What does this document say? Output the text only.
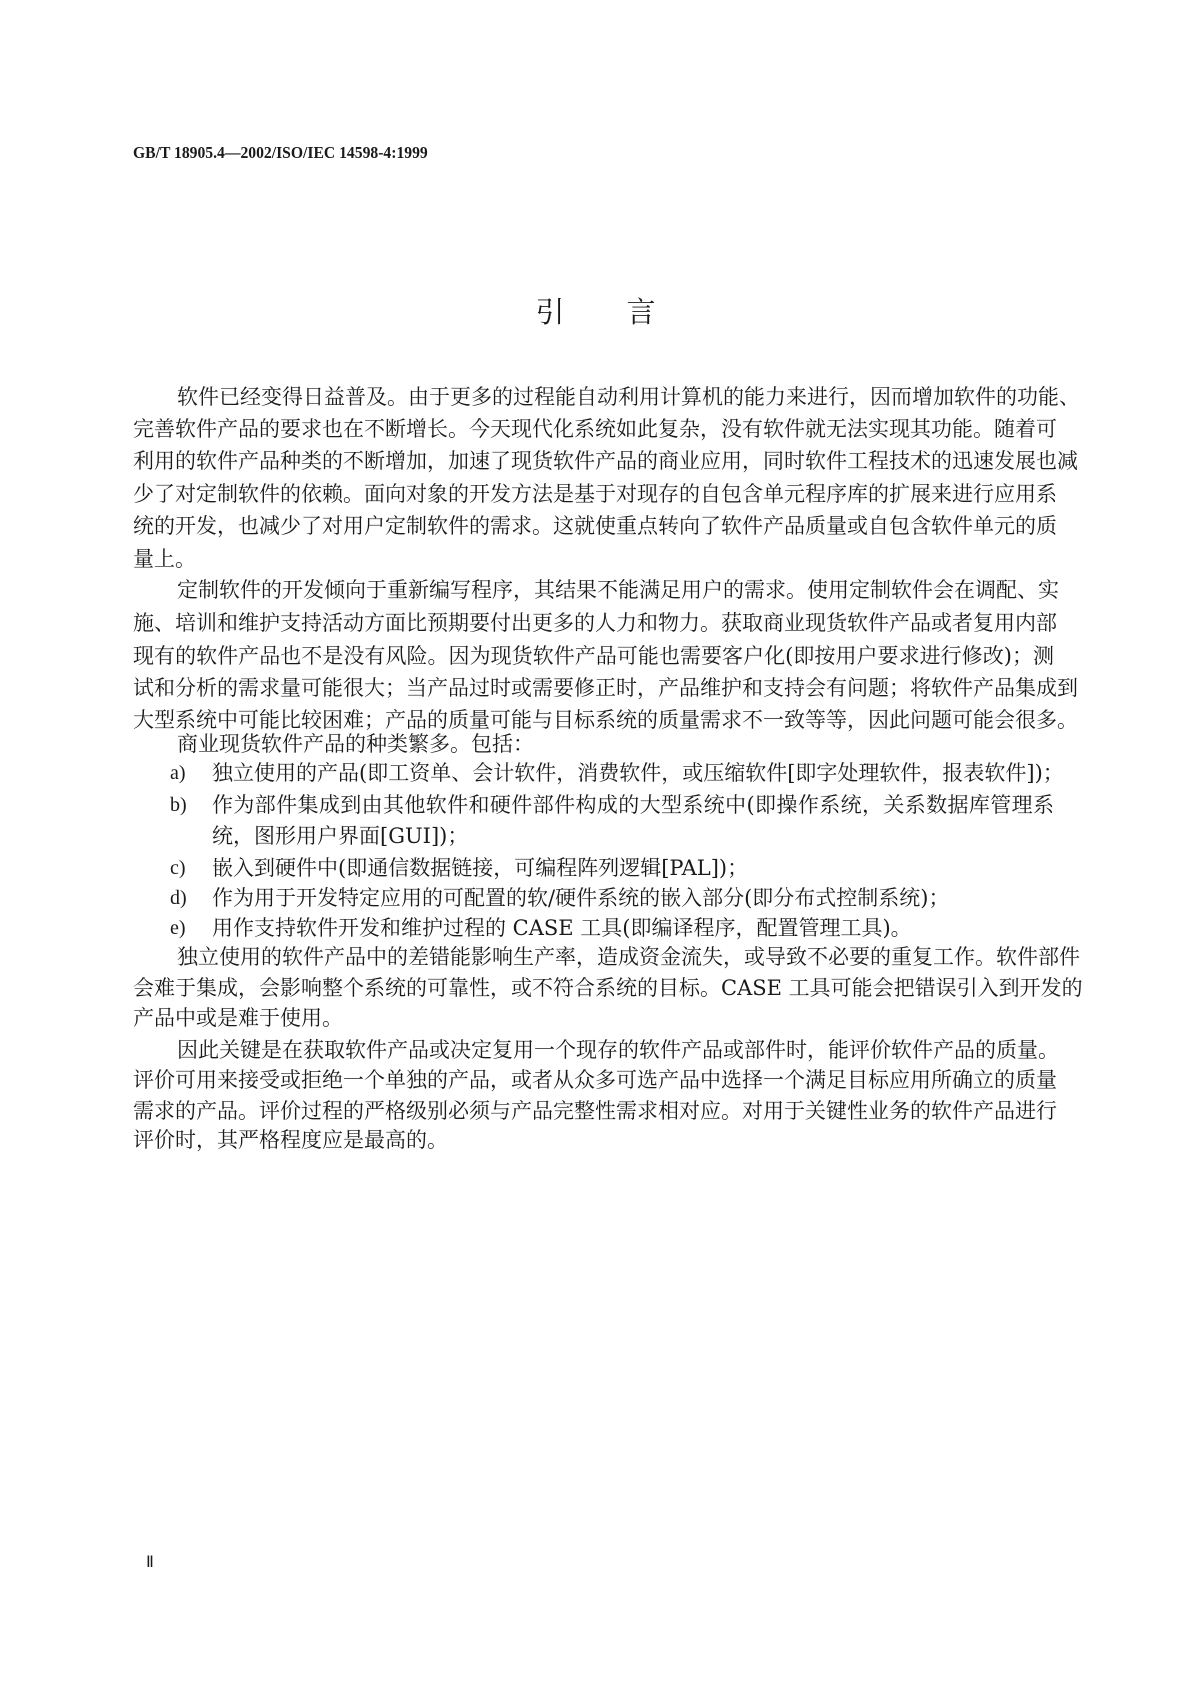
GB/T 18905.4—2002/ISO/IEC 14598-4:1999
引言
软件已经变得日益普及。由于更多的过程能自动利用计算机的能力来进行，因而增加软件的功能、
完善软件产品的要求也在不断增长。今天现代化系统如此复杂，没有软件就无法实现其功能。随着可
利用的软件产品种类的不断增加，加速了现货软件产品的商业应用，同时软件工程技术的迅速发展也减
少了对定制软件的依赖。面向对象的开发方法是基于对现存的自包含单元程序库的扩展来进行应用系
统的开发，也减少了对用户定制软件的需求。这就使重点转向了软件产品质量或自包含软件单元的质
量上。
定制软件的开发倾向于重新编写程序，其结果不能满足用户的需求。使用定制软件会在调配、实
施、培训和维护支持活动方面比预期要付出更多的人力和物力。获取商业现货软件产品或者复用内部
现有的软件产品也不是没有风险。因为现货软件产品可能也需要客户化(即按用户要求进行修改)；测
试和分析的需求量可能很大；当产品过时或需要修正时，产品维护和支持会有问题；将软件产品集成到
大型系统中可能比较困难；产品的质量可能与目标系统的质量需求不一致等等，因此问题可能会很多。
商业现货软件产品的种类繁多。包括：
a) 独立使用的产品(即工资单、会计软件，消费软件，或压缩软件[即字处理软件，报表软件])；
b) 作为部件集成到由其他软件和硬件部件构成的大型系统中(即操作系统，关系数据库管理系
统，图形用户界面[GUI])；
c) 嵌入到硬件中(即通信数据链接，可编程阵列逻辑[PAL])；
d) 作为用于开发特定应用的可配置的软/硬件系统的嵌入部分(即分布式控制系统)；
e) 用作支持软件开发和维护过程的 CASE 工具(即编译程序，配置管理工具)。
独立使用的软件产品中的差错能影响生产率，造成资金流失，或导致不必要的重复工作。软件部件
会难于集成，会影响整个系统的可靠性，或不符合系统的目标。CASE 工具可能会把错误引入到开发的
产品中或是难于使用。
因此关键是在获取软件产品或决定复用一个现存的软件产品或部件时，能评价软件产品的质量。
评价可用来接受或拒绝一个单独的产品，或者从众多可选产品中选择一个满足目标应用所确立的质量
需求的产品。评价过程的严格级别必须与产品完整性需求相对应。对用于关键性业务的软件产品进行
评价时，其严格程度应是最高的。
Ⅱ
